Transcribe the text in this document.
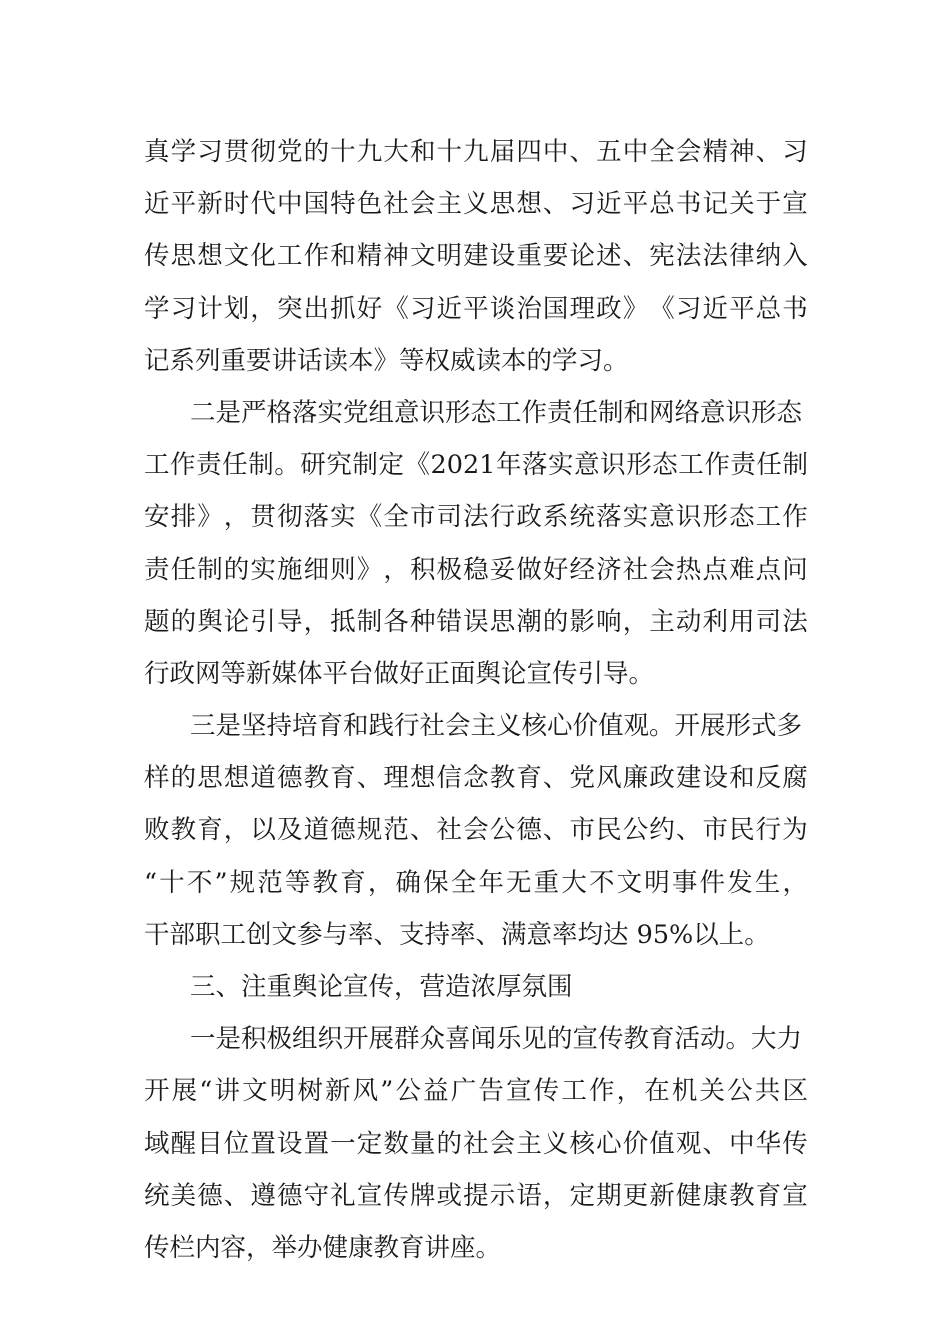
真 学 习 贯 彻 党 的 十 九 大 和 十 九 届 四 中 、 五 中 全 会 精 神 、 习
近 平 新 时 代 中 国 特 色 社 会 主 义 思 想 、 习 近 平 总 书 记 关 于 宣
传 思 想 文 化 工 作 和 精 神 文 明 建 设 重 要 论 述 、 宪 法 法 律 纳 入
学 习 计 划 ， 突 出 抓 好 《 习 近 平 谈 治 国 理 政 》 《 习 近 平 总 书
记系列重要讲话读本》等权威读本的学习。
二是严格落实党组意识形态工作责任制和网络意识形态
工 作 责 任 制 。 研 究 制 定 《 2021 年 落 实 意 识 形 态 工 作 责 任 制
安 排 》 ， 贯 彻 落 实 《 全 市 司 法 行 政 系 统 落 实 意 识 形 态 工 作
责 任 制 的 实 施 细 则 》 ， 积 极 稳 妥 做 好 经 济 社 会 热 点 难 点 问
题 的 舆 论 引 导 ， 抵 制 各 种 错 误 思 潮 的 影 响 ， 主 动 利 用 司 法
行政网等新媒体平台做好正面舆论宣传引导。
三是坚持培育和践行社会主义核心价值观。开展形式多
样 的 思 想 道 德 教 育 、 理 想 信 念 教 育 、 党 风 廉 政 建 设 和 反 腐
败 教 育 ， 以 及 道 德 规 范 、 社 会 公 德 、 市 民 公 约 、 市 民 行 为
“ 十 不 ” 规 范 等 教 育 ， 确 保 全 年 无 重 大 不 文 明 事 件 发 生 ，
干部职工创文参与率、支持率、满意率均达 95%以上。
三、注重舆论宣传，营造浓厚氛围
一是积极组织开展群众喜闻乐见的宣传教育活动。大力
开 展 “ 讲 文 明 树 新 风 ” 公 益 广 告 宣 传 工 作 ， 在 机 关 公 共 区
域 醒 目 位 置 设 置 一 定 数 量 的 社 会 主 义 核 心 价 值 观 、 中 华 传
统 美 德 、 遵 德 守 礼 宣 传 牌 或 提 示 语 ， 定 期 更 新 健 康 教 育 宣
传栏内容，举办健康教育讲座。
